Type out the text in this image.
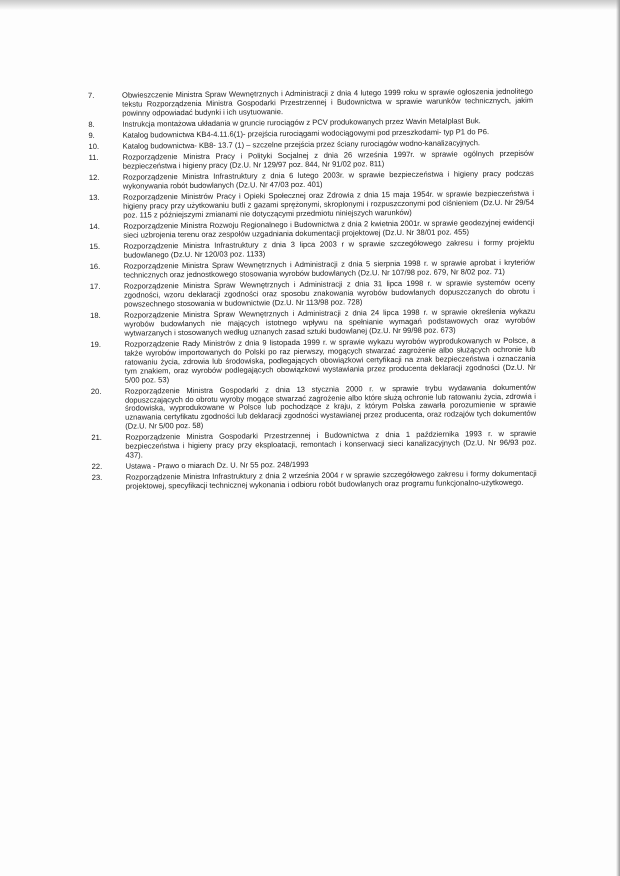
7.	Obwieszczenie Ministra Spraw Wewnętrznych i Administracji z dnia 4 lutego 1999 roku w sprawie ogłoszenia jednolitego tekstu Rozporządzenia Ministra Gospodarki Przestrzennej i Budownictwa w sprawie warunków technicznych, jakim powinny odpowiadać budynki i ich usytuowanie.
8.	Instrukcja montażowa układania w gruncie rurociągów z PCV produkowanych przez Wavin Metalplast Buk.
9.	Katalog budownictwa KB4-4.11.6(1)- przejścia rurociągami wodociągowymi pod przeszkodami- typ P1 do P6.
10.	Katalog budownictwa- KB8- 13.7 (1) – szczelne przejścia przez ściany rurociągów wodno-kanalizacyjnych.
11.	Rozporządzenie Ministra Pracy i Polityki Socjalnej z dnia 26 września 1997r. w sprawie ogólnych przepisów bezpieczeństwa i higieny pracy (Dz.U. Nr 129/97 poz. 844, Nr 91/02 poz. 811)
12.	Rozporządzenie Ministra Infrastruktury z dnia 6 lutego 2003r. w sprawie bezpieczeństwa i higieny pracy podczas wykonywania robót budowlanych (Dz.U. Nr 47/03 poz. 401)
13.	Rozporządzenie Ministrów Pracy i Opieki Społecznej oraz Zdrowia z dnia 15 maja 1954r. w sprawie bezpieczeństwa i higieny pracy przy użytkowaniu butli z gazami sprężonymi, skroplonymi i rozpuszczonymi pod ciśnieniem (Dz.U. Nr 29/54 poz. 115 z późniejszymi zmianami nie dotyczącymi przedmiotu niniejszych warunków)
14.	Rozporządzenie Ministra Rozwoju Regionalnego i Budownictwa z dnia 2 kwietnia 2001r. w sprawie geodezyjnej ewidencji sieci uzbrojenia terenu oraz zespołów uzgadniania dokumentacji projektowej (Dz.U. Nr 38/01 poz. 455)
15.	Rozporządzenie Ministra Infrastruktury z dnia 3 lipca 2003 r w sprawie szczegółowego zakresu i formy projektu budowlanego (Dz.U. Nr 120/03 poz. 1133)
16.	Rozporządzenie Ministra Spraw Wewnętrznych i Administracji z dnia 5 sierpnia 1998 r. w sprawie aprobat i kryteriów technicznych oraz jednostkowego stosowania wyrobów budowlanych (Dz.U. Nr 107/98 poz. 679, Nr 8/02 poz. 71)
17.	Rozporządzenie Ministra Spraw Wewnętrznych i Administracji z dnia 31 lipca 1998 r. w sprawie systemów oceny zgodności, wzoru deklaracji zgodności oraz sposobu znakowania wyrobów budowlanych dopuszczanych do obrotu i powszechnego stosowania w budownictwie (Dz.U. Nr 113/98 poz. 728)
18.	Rozporządzenie Ministra Spraw Wewnętrznych i Administracji z dnia 24 lipca 1998 r. w sprawie określenia wykazu wyrobów budowlanych nie mających istotnego wpływu na spełnianie wymagań podstawowych oraz wyrobów wytwarzanych i stosowanych według uznanych zasad sztuki budowlanej (Dz.U. Nr 99/98 poz. 673)
19.	Rozporządzenie Rady Ministrów z dnia 9 listopada 1999 r. w sprawie wykazu wyrobów wyprodukowanych w Polsce, a także wyrobów importowanych do Polski po raz pierwszy, mogących stwarzać zagrożenie albo służących ochronie lub ratowaniu życia, zdrowia lub środowiska, podlegających obowiązkowi certyfikacji na znak bezpieczeństwa i oznaczania tym znakiem, oraz wyrobów podlegających obowiązkowi wystawiania przez producenta deklaracji zgodności (Dz.U. Nr 5/00 poz. 53)
20.	Rozporządzenie Ministra Gospodarki z dnia 13 stycznia 2000 r. w sprawie trybu wydawania dokumentów dopuszczających do obrotu wyroby mogące stwarzać zagrożenie albo które służą ochronie lub ratowaniu życia, zdrowia i środowiska, wyprodukowane w Polsce lub pochodzące z kraju, z którym Polska zawarła porozumienie w sprawie uznawania certyfikatu zgodności lub deklaracji zgodności wystawianej przez producenta, oraz rodzajów tych dokumentów (Dz.U. Nr 5/00 poz. 58)
21.	Rozporządzenie Ministra Gospodarki Przestrzennej i Budownictwa z dnia 1 października 1993 r. w sprawie bezpieczeństwa i higieny pracy przy eksploatacji, remontach i konserwacji sieci kanalizacyjnych (Dz.U. Nr 96/93 poz. 437).
22.	Ustawa - Prawo o miarach Dz. U. Nr 55 poz. 248/1993
23.	Rozporządzenie Ministra Infrastruktury z dnia 2 września 2004 r w sprawie szczegółowego zakresu i formy dokumentacji projektowej, specyfikacji technicznej wykonania i odbioru robót budowlanych oraz programu funkcjonalno-użytkowego.
